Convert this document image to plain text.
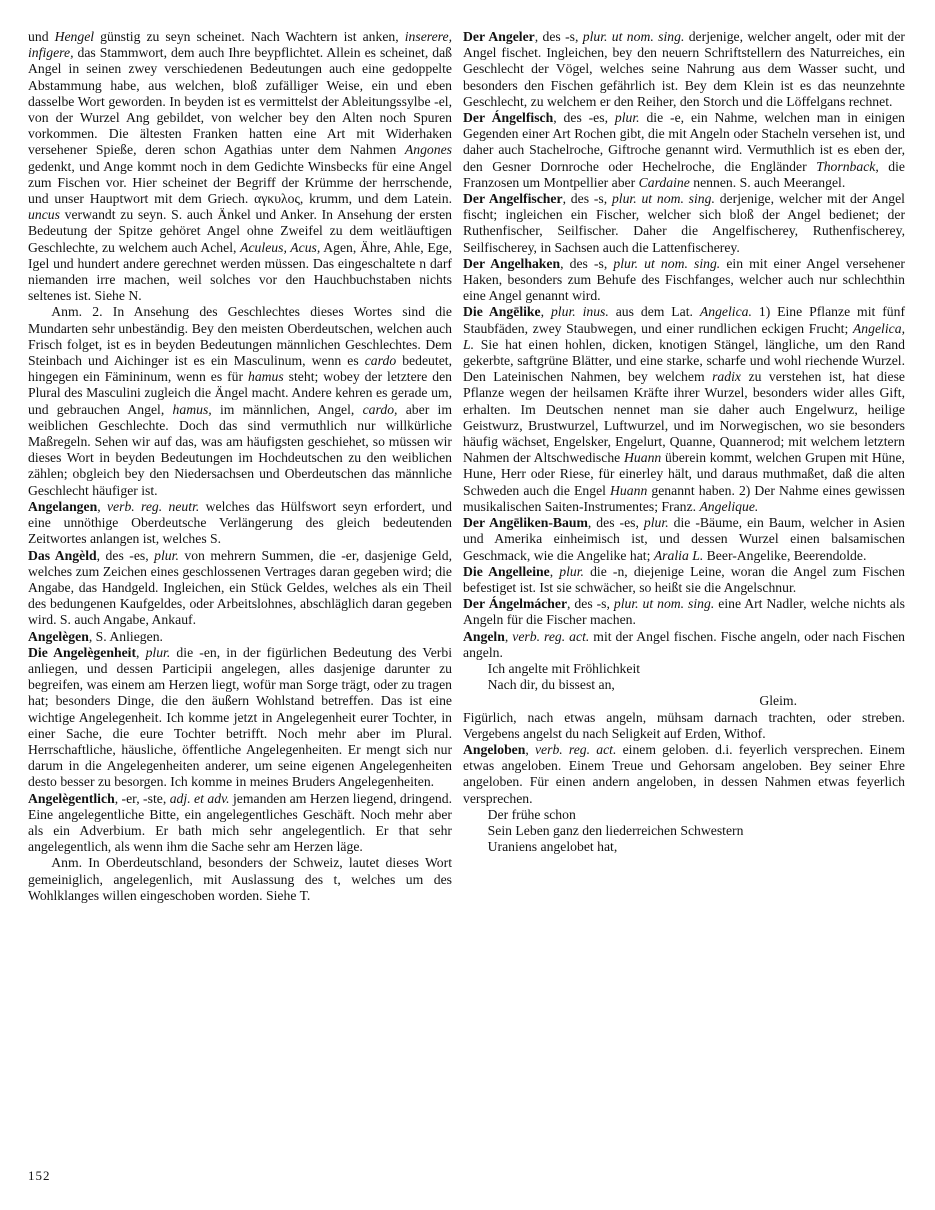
und Hengel günstig zu seyn scheinet. Nach Wachtern ist anken, inserere, infigere, das Stammwort, dem auch Ihre beypflichtet. Allein es scheinet, daß Angel in seinen zwey verschiedenen Bedeutungen auch eine gedoppelte Abstammung habe, aus welchen, bloß zufälliger Weise, ein und eben dasselbe Wort geworden. In beyden ist es vermittelst der Ableitungssylbe -el, von der Wurzel Ang gebildet, von welcher bey den Alten noch Spuren vorkommen. Die ältesten Franken hatten eine Art mit Widerhaken versehener Spieße, deren schon Agathias unter dem Nahmen Angones gedenkt, und Ange kommt noch in dem Gedichte Winsbecks für eine Angel zum Fischen vor. Hier scheinet der Begriff der Krümme der herrschende, und unser Hauptwort mit dem Griech. αγκυλος, krumm, und dem Latein. uncus verwandt zu seyn. S. auch Änkel und Anker. In Ansehung der ersten Bedeutung der Spitze gehöret Angel ohne Zweifel zu dem weitläuftigen Geschlechte, zu welchem auch Achel, Aculeus, Acus, Agen, Ähre, Ahle, Ege, Igel und hundert andere gerechnet werden müssen. Das eingeschaltete n darf niemanden irre machen, weil solches vor den Hauchbuchstaben nichts seltenes ist. Siehe N.
Anm. 2. In Ansehung des Geschlechtes dieses Wortes sind die Mundarten sehr unbeständig. Bey den meisten Oberdeutschen, welchen auch Frisch folget, ist es in beyden Bedeutungen männlichen Geschlechtes. Dem Steinbach und Aichinger ist es ein Masculinum, wenn es cardo bedeutet, hingegen ein Fämininum, wenn es für hamus steht; wobey der letztere den Plural des Masculini zugleich die Ängel macht. Andere kehren es gerade um, und gebrauchen Angel, hamus, im männlichen, Angel, cardo, aber im weiblichen Geschlechte. Doch das sind vermuthlich nur willkürliche Maßregeln. Sehen wir auf das, was am häufigsten geschiehet, so müssen wir dieses Wort in beyden Bedeutungen im Hochdeutschen zu den weiblichen zählen; obgleich bey den Niedersachsen und Oberdeutschen das männliche Geschlecht häufiger ist.
Angelangen, verb. reg. neutr. welches das Hülfswort seyn erfordert, und eine unnöthige Oberdeutsche Verlängerung des gleich bedeutenden Zeitwortes anlangen ist, welches S.
Das Angèld, des -es, plur. von mehrern Summen, die -er, dasjenige Geld, welches zum Zeichen eines geschlossenen Vertrages daran gegeben wird; die Angabe, das Handgeld. Ingleichen, ein Stück Geldes, welches als ein Theil des bedungenen Kaufgeldes, oder Arbeitslohnes, abschläglich daran gegeben wird. S. auch Angabe, Ankauf.
Angelègen, S. Anliegen.
Die Angelègenheit, plur. die -en, in der figürlichen Bedeutung des Verbi anliegen, und dessen Participii angelegen, alles dasjenige darunter zu begreifen, was einem am Herzen liegt, wofür man Sorge trägt, oder zu tragen hat; besonders Dinge, die den äußern Wohlstand betreffen. Das ist eine wichtige Angelegenheit. Ich komme jetzt in Angelegenheit eurer Tochter, in einer Sache, die eure Tochter betrifft. Noch mehr aber im Plural. Herrschaftliche, häusliche, öffentliche Angelegenheiten. Er mengt sich nur darum in die Angelegenheiten anderer, um seine eigenen Angelegenheiten desto besser zu besorgen. Ich komme in meines Bruders Angelegenheiten.
Angelègentlich, -er, -ste, adj. et adv. jemanden am Herzen liegend, dringend. Eine angelegentliche Bitte, ein angelegentliches Geschäft. Noch mehr aber als ein Adverbium. Er bath mich sehr angelegentlich. Er that sehr angelegentlich, als wenn ihm die Sache sehr am Herzen läge.
Anm. In Oberdeutschland, besonders der Schweiz, lautet dieses Wort gemeiniglich, angelegenlich, mit Auslassung des t, welches um des Wohlklanges willen eingeschoben worden. Siehe T.
Der Angeler, des -s, plur. ut nom. sing. derjenige, welcher angelt, oder mit der Angel fischet. Ingleichen, bey den neuern Schriftstellern des Naturreiches, ein Geschlecht der Vögel, welches seine Nahrung aus dem Wasser sucht, und besonders den Fischen gefährlich ist. Bey dem Klein ist es das neunzehnte Geschlecht, zu welchem er den Reiher, den Storch und die Löffelgans rechnet.
Der Ángelfisch, des -es, plur. die -e, ein Nahme, welchen man in einigen Gegenden einer Art Rochen gibt, die mit Angeln oder Stacheln versehen ist, und daher auch Stachelroche, Giftroche genannt wird. Vermuthlich ist es eben der, den Gesner Dornroche oder Hechelroche, die Engländer Thornback, die Franzosen um Montpellier aber Cardaine nennen. S. auch Meerangel.
Der Angelfischer, des -s, plur. ut nom. sing. derjenige, welcher mit der Angel fischt; ingleichen ein Fischer, welcher sich bloß der Angel bedienet; der Ruthenfischer, Seilfischer. Daher die Angelfischerey, Ruthenfischerey, Seilfischerey, in Sachsen auch die Lattenfischerey.
Der Angelhaken, des -s, plur. ut nom. sing. ein mit einer Angel versehener Haken, besonders zum Behufe des Fischfanges, welcher auch nur schlechthin eine Angel genannt wird.
Die Angēlike, plur. inus. aus dem Lat. Angelica. 1) Eine Pflanze mit fünf Staubfäden, zwey Staubwegen, und einer rundlichen eckigen Frucht; Angelica, L. Sie hat einen hohlen, dicken, knotigen Stängel, längliche, um den Rand gekerbte, saftgrüne Blätter, und eine starke, scharfe und wohl riechende Wurzel. Den Lateinischen Nahmen, bey welchem radix zu verstehen ist, hat diese Pflanze wegen der heilsamen Kräfte ihrer Wurzel, besonders wider alles Gift, erhalten. Im Deutschen nennet man sie daher auch Engelwurz, heilige Geistwurz, Brustwurzel, Luftwurzel, und im Norwegischen, wo sie besonders häufig wächset, Engelsker, Engelurt, Quanne, Quannerod; mit welchem letztern Nahmen der Altschwedische Huann überein kommt, welchen Grupen mit Hüne, Hune, Herr oder Riese, für einerley hält, und daraus muthmaßet, daß die alten Schweden auch die Engel Huann genannt haben. 2) Der Nahme eines gewissen musikalischen Saiten-Instrumentes; Franz. Angelique.
Der Angēliken-Baum, des -es, plur. die -Bäume, ein Baum, welcher in Asien und Amerika einheimisch ist, und dessen Wurzel einen balsamischen Geschmack, wie die Angelike hat; Aralia L. Beer-Angelike, Beerendolde.
Die Angelleine, plur. die -n, diejenige Leine, woran die Angel zum Fischen befestiget ist. Ist sie schwächer, so heißt sie die Angelschnur.
Der Ángelmácher, des -s, plur. ut nom. sing. eine Art Nadler, welche nichts als Angeln für die Fischer machen.
Angeln, verb. reg. act. mit der Angel fischen. Fische angeln, oder nach Fischen angeln.
Ich angelte mit Fröhlichkeit
Nach dir, du bissest an,
Gleim.
Figürlich, nach etwas angeln, mühsam darnach trachten, oder streben. Vergebens angelst du nach Seligkeit auf Erden, Withof.
Angeloben, verb. reg. act. einem geloben. d.i. feyerlich versprechen. Einem etwas angeloben. Einem Treue und Gehorsam angeloben. Bey seiner Ehre angeloben. Für einen andern angeloben, in dessen Nahmen etwas feyerlich versprechen.
Der frühe schon
Sein Leben ganz den liederreichen Schwestern
Uraniens angelobet hat,
152
